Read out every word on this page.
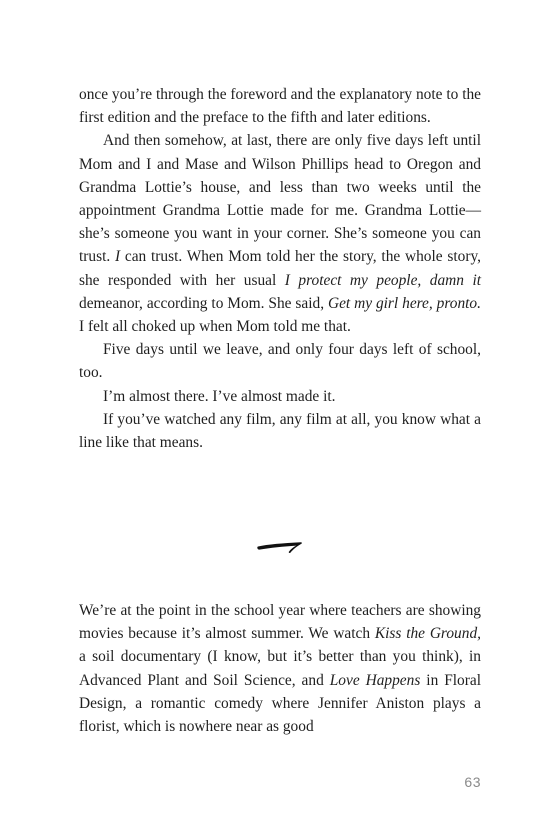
once you’re through the foreword and the explanatory note to the first edition and the preface to the fifth and later editions.

And then somehow, at last, there are only five days left until Mom and I and Mase and Wilson Phillips head to Oregon and Grandma Lottie’s house, and less than two weeks until the appointment Grandma Lottie made for me. Grandma Lottie—she’s someone you want in your corner. She’s someone you can trust. I can trust. When Mom told her the story, the whole story, she responded with her usual I protect my people, damn it demeanor, according to Mom. She said, Get my girl here, pronto. I felt all choked up when Mom told me that.

Five days until we leave, and only four days left of school, too.

I’m almost there. I’ve almost made it.

If you’ve watched any film, any film at all, you know what a line like that means.

We’re at the point in the school year where teachers are showing movies because it’s almost summer. We watch Kiss the Ground, a soil documentary (I know, but it’s better than you think), in Advanced Plant and Soil Science, and Love Happens in Floral Design, a romantic comedy where Jennifer Aniston plays a florist, which is nowhere near as good

63
